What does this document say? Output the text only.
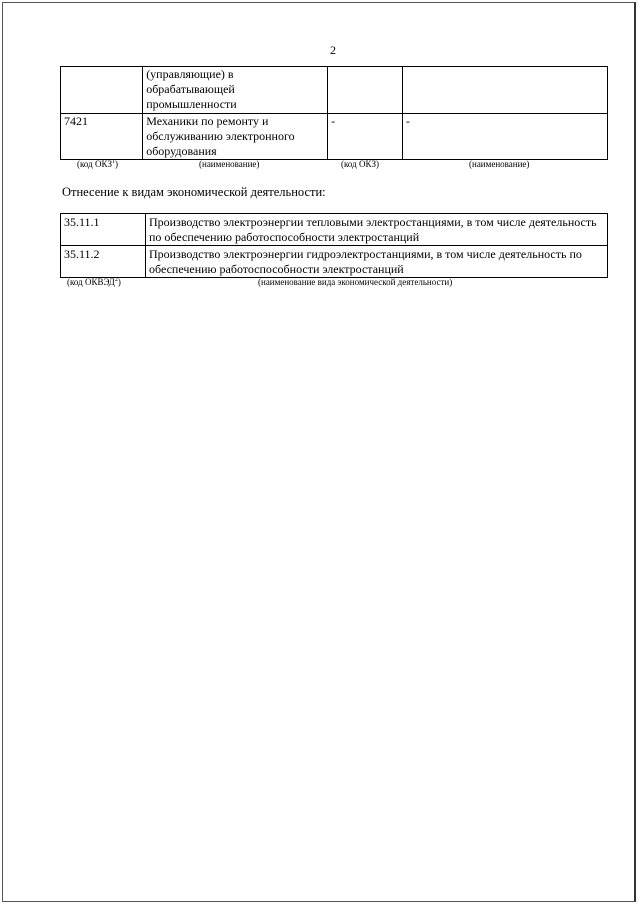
2
	(управляющие) в обрабатывающей промышленности		
7421	Механики по ремонту и обслуживанию электронного оборудования	-	-
(код ОКЗ$^1$)	(наименование)	(код ОКЗ)	(наименование)
Отнесение к видам экономической деятельности:
35.11.1	Производство электроэнергии тепловыми электростанциями, в том числе деятельность по обеспечению работоспособности электростанций
35.11.2	Производство электроэнергии гидроэлектростанциями, в том числе деятельность по обеспечению работоспособности электростанций
(код ОКВЭД$^2$)	(наименование вида экономической деятельности)
